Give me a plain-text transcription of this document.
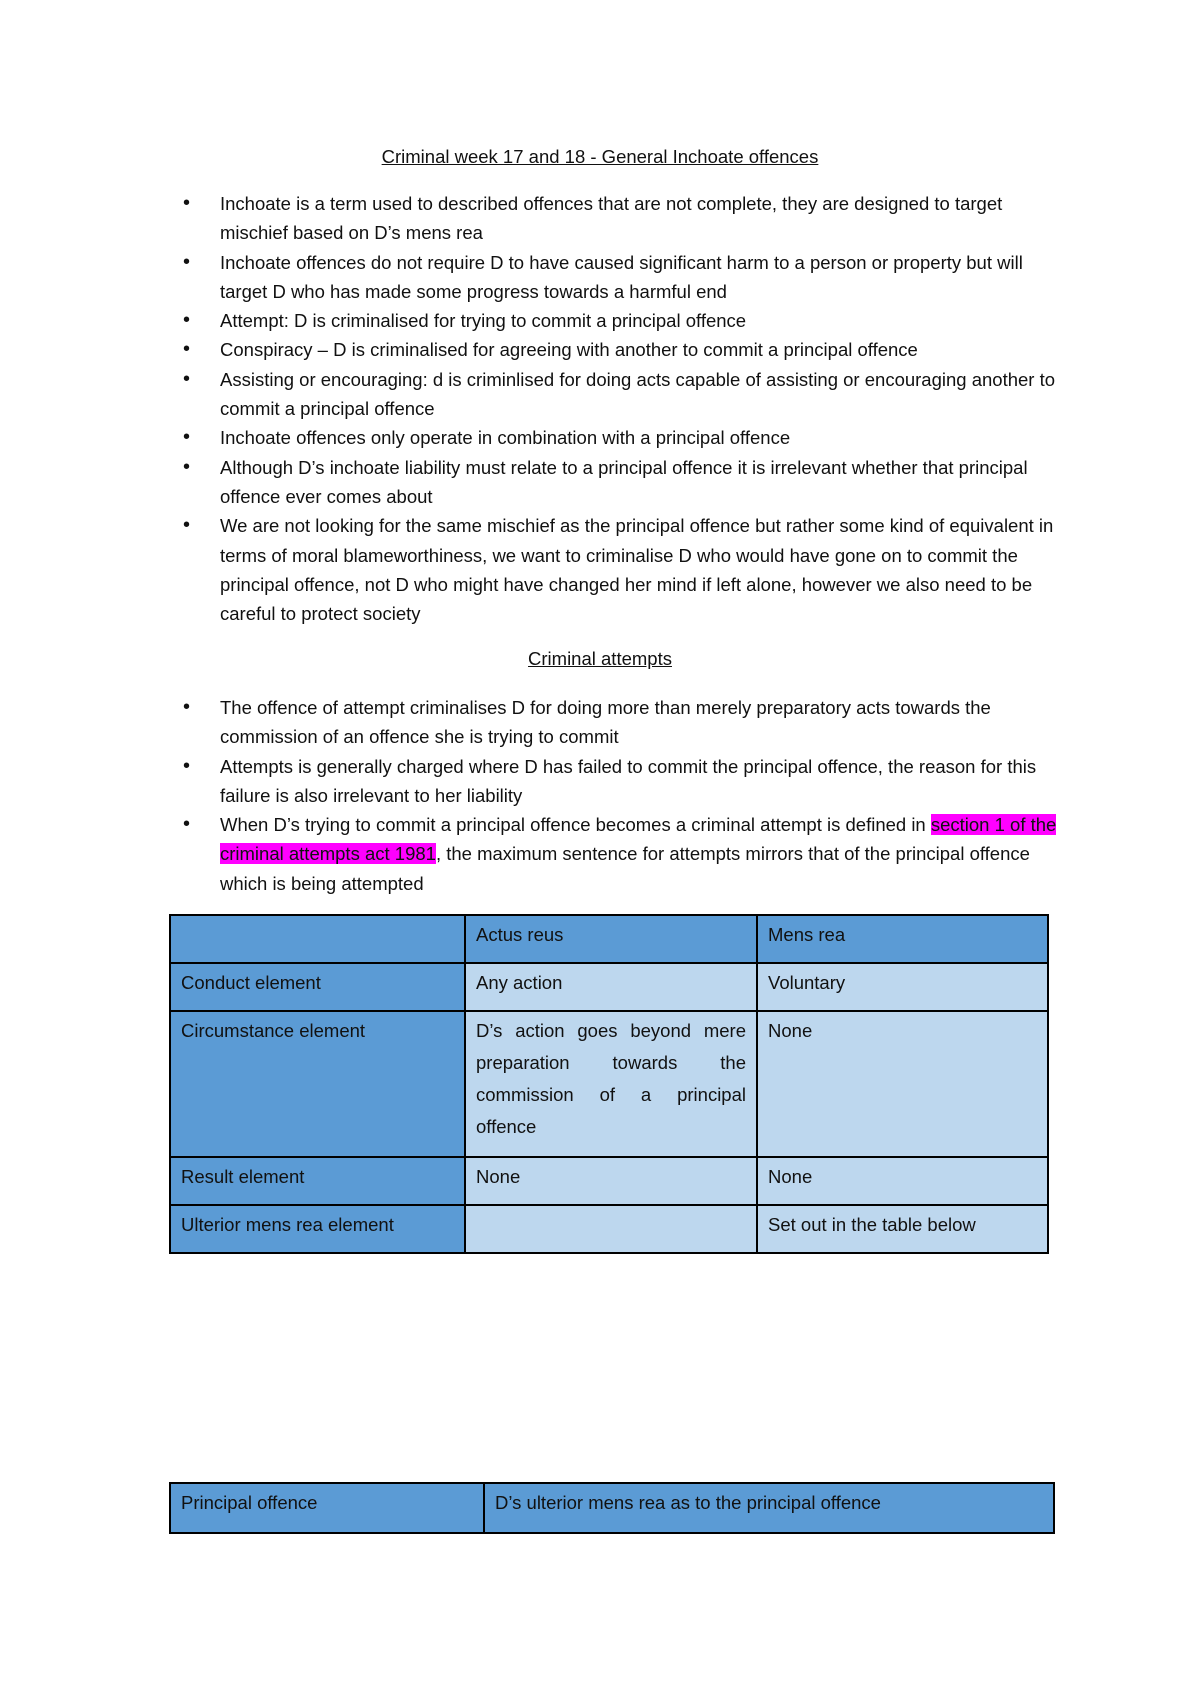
Criminal week 17 and 18 - General Inchoate offences
• Inchoate is a term used to described offences that are not complete, they are designed to target mischief based on D’s mens rea
• Inchoate offences do not require D to have caused significant harm to a person or property but will target D who has made some progress towards a harmful end
• Attempt: D is criminalised for trying to commit a principal offence
• Conspiracy – D is criminalised for agreeing with another to commit a principal offence
• Assisting or encouraging: d is criminlised for doing acts capable of assisting or encouraging another to commit a principal offence
• Inchoate offences only operate in combination with a principal offence
• Although D’s inchoate liability must relate to a principal offence it is irrelevant whether that principal offence ever comes about
• We are not looking for the same mischief as the principal offence but rather some kind of equivalent in terms of moral blameworthiness, we want to criminalise D who would have gone on to commit the principal offence, not D who might have changed her mind if left alone, however we also need to be careful to protect society
Criminal attempts
• The offence of attempt criminalises D for doing more than merely preparatory acts towards the commission of an offence she is trying to commit
• Attempts is generally charged where D has failed to commit the principal offence, the reason for this failure is also irrelevant to her liability
• When D’s trying to commit a principal offence becomes a criminal attempt is defined in section 1 of the criminal attempts act 1981, the maximum sentence for attempts mirrors that of the principal offence which is being attempted
	Actus reus	Mens rea
Conduct element	Any action	Voluntary
Circumstance element	D’s action goes beyond mere preparation towards the commission of a principal offence	None
Result element	None	None
Ulterior mens rea element		Set out in the table below
Principal offence	D’s ulterior mens rea as to the principal offence
